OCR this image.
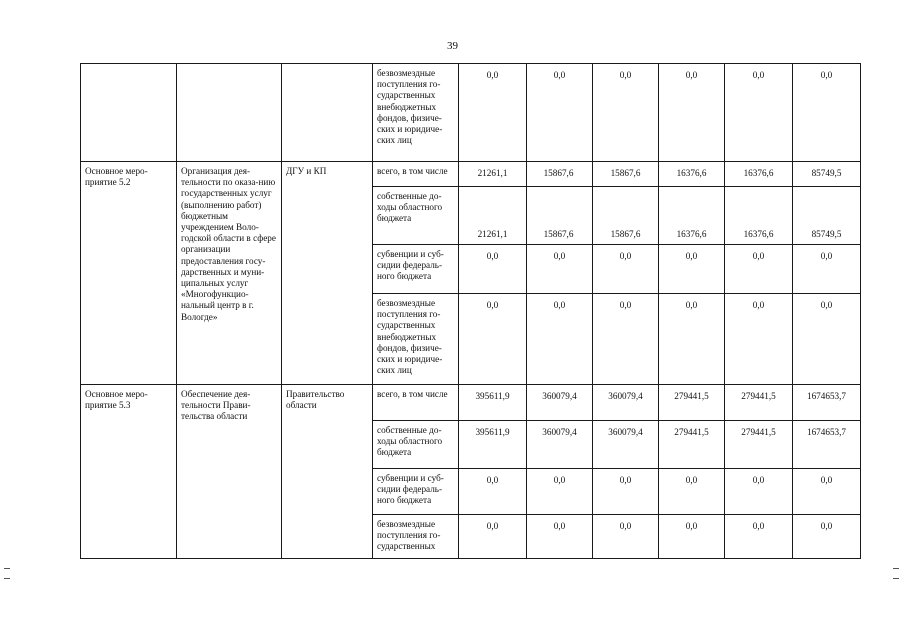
39
			безвозмездные поступления го-сударственных внебюджетных фондов, физиче-ских и юридиче-ских лиц	0,0	0,0	0,0	0,0	0,0	0,0
Основное меро-приятие 5.2	Организация дея-тельности по оказа-нию государственных услуг (выполнению работ) бюджетным учреждением Воло-годской области в сфере организации предоставления госу-дарственных и муни-ципальных услуг «Многофункцио-нальный центр в г. Вологде»	ДГУ и КП	всего, в том числе	21261,1	15867,6	15867,6	16376,6	16376,6	85749,5
			собственные до-ходы областного бюджета	21261,1	15867,6	15867,6	16376,6	16376,6	85749,5
			субвенции и суб-сидии федераль-ного бюджета	0,0	0,0	0,0	0,0	0,0	0,0
			безвозмездные поступления го-сударственных внебюджетных фондов, физиче-ских и юридиче-ских лиц	0,0	0,0	0,0	0,0	0,0	0,0
Основное меро-приятие 5.3	Обеспечение дея-тельности Прави-тельства области	Правительство области	всего, в том числе	395611,9	360079,4	360079,4	279441,5	279441,5	1674653,7
			собственные до-ходы областного бюджета	395611,9	360079,4	360079,4	279441,5	279441,5	1674653,7
			субвенции и суб-сидии федераль-ного бюджета	0,0	0,0	0,0	0,0	0,0	0,0
			безвозмездные поступления го-сударственных	0,0	0,0	0,0	0,0	0,0	0,0
